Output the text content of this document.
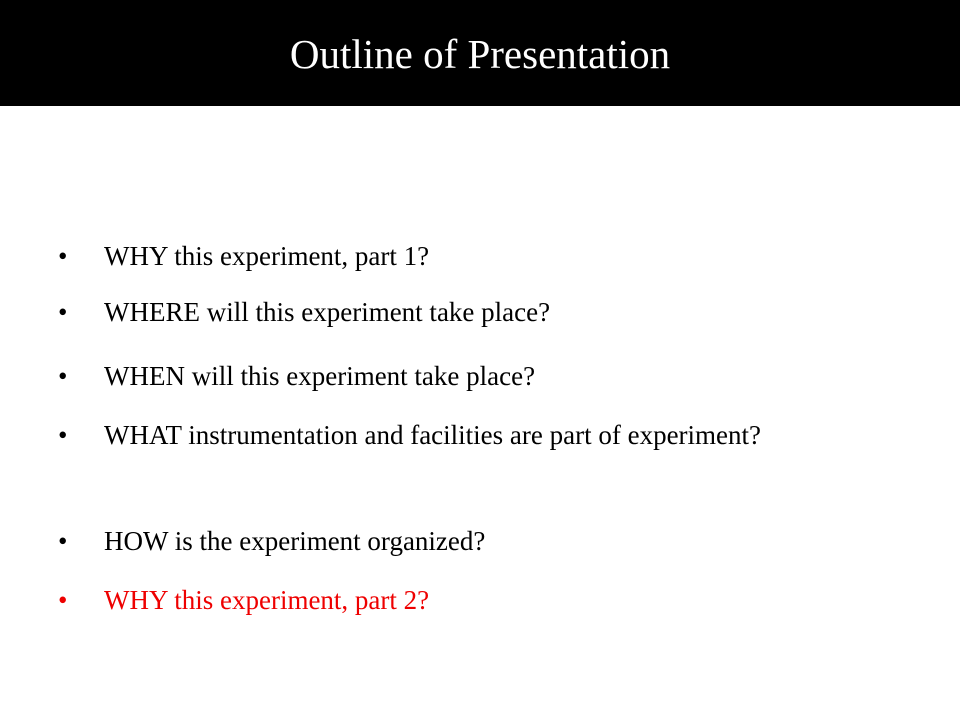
Outline of Presentation
• WHY this experiment, part 1?
• WHERE will this experiment take place?
• WHEN will this experiment take place?
• WHAT instrumentation and facilities are part of experiment?
• HOW is the experiment organized?
• WHY this experiment, part 2?
